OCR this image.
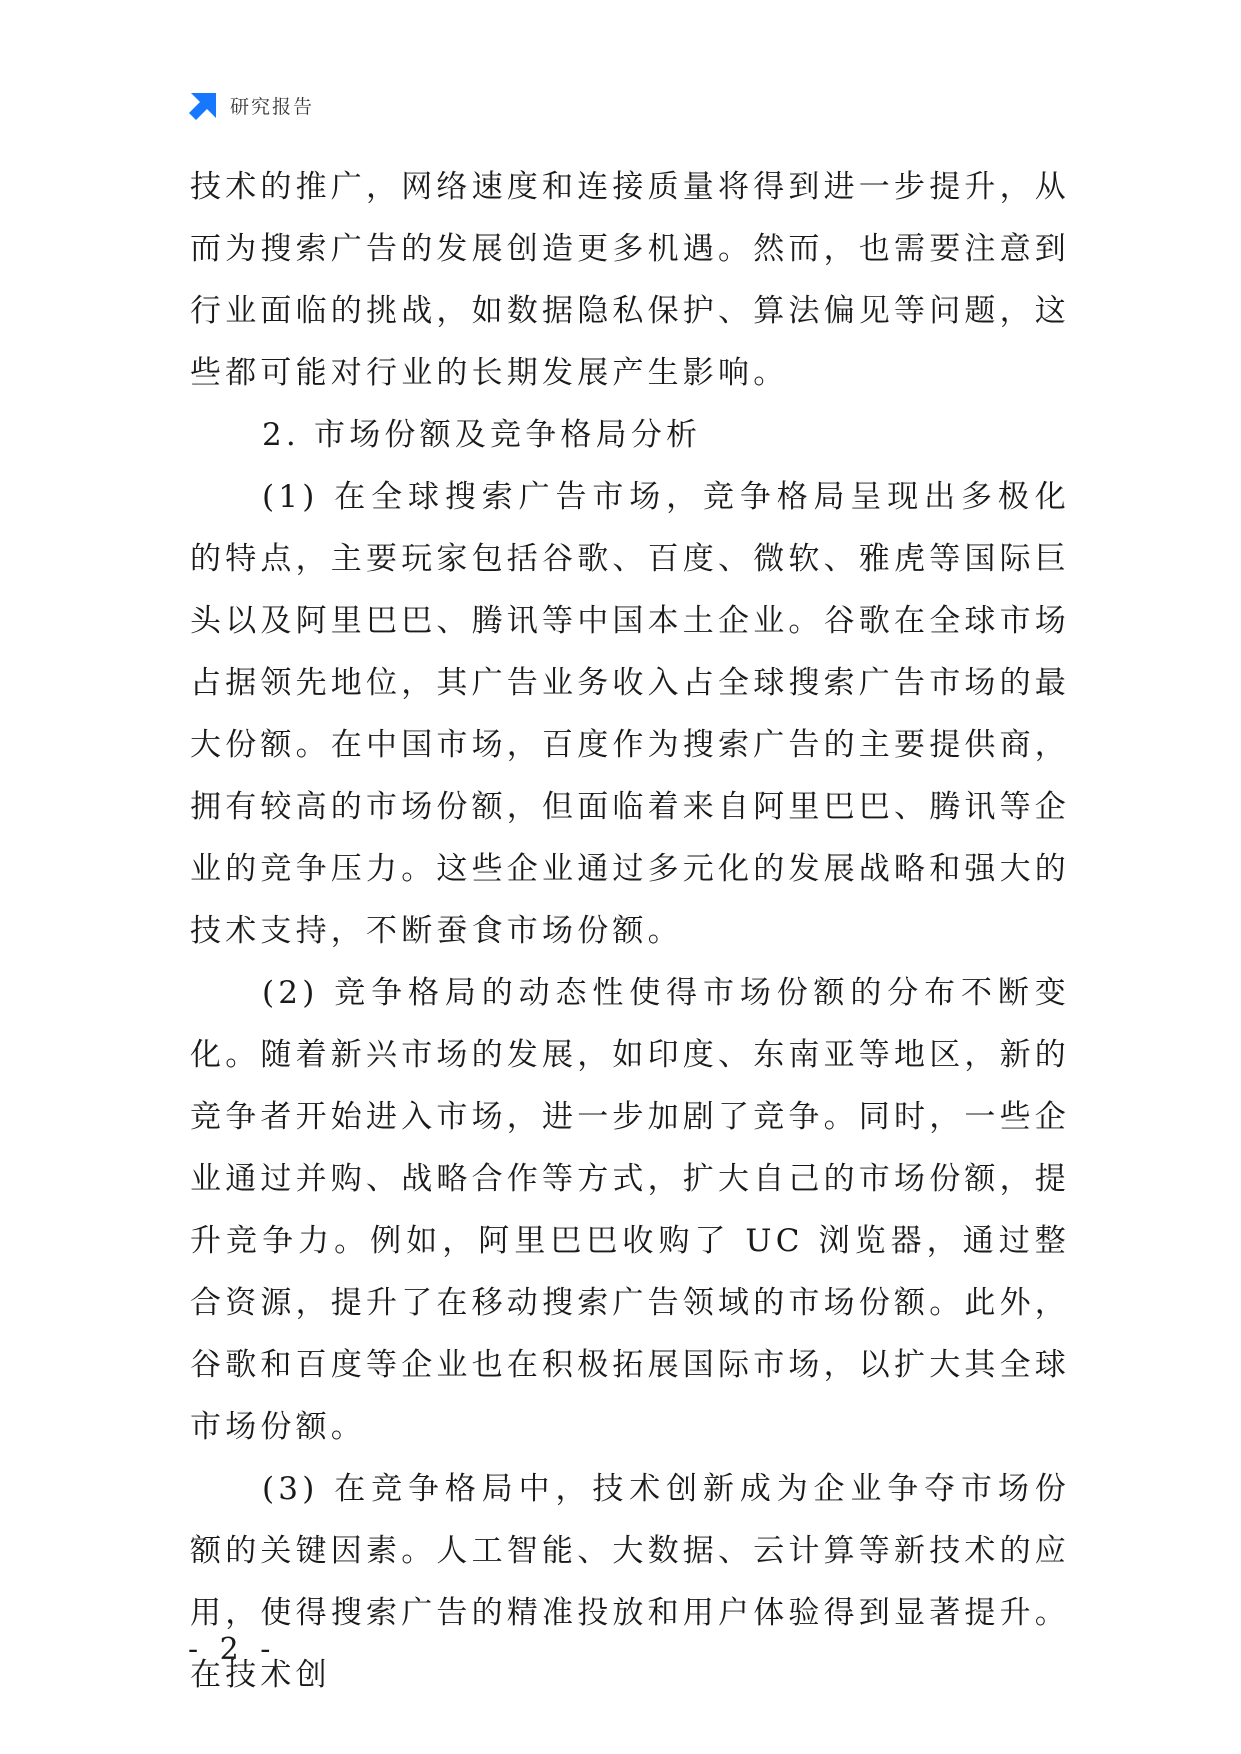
研究报告

技术的推广，网络速度和连接质量将得到进一步提升，从而为搜索广告的发展创造更多机遇。然而，也需要注意到行业面临的挑战，如数据隐私保护、算法偏见等问题，这些都可能对行业的长期发展产生影响。

2. 市场份额及竞争格局分析

(1) 在全球搜索广告市场，竞争格局呈现出多极化的特点，主要玩家包括谷歌、百度、微软、雅虎等国际巨头以及阿里巴巴、腾讯等中国本土企业。谷歌在全球市场占据领先地位，其广告业务收入占全球搜索广告市场的最大份额。在中国市场，百度作为搜索广告的主要提供商，拥有较高的市场份额，但面临着来自阿里巴巴、腾讯等企业的竞争压力。这些企业通过多元化的发展战略和强大的技术支持，不断蚕食市场份额。

(2) 竞争格局的动态性使得市场份额的分布不断变化。随着新兴市场的发展，如印度、东南亚等地区，新的竞争者开始进入市场，进一步加剧了竞争。同时，一些企业通过并购、战略合作等方式，扩大自己的市场份额，提升竞争力。例如，阿里巴巴收购了 UC 浏览器，通过整合资源，提升了在移动搜索广告领域的市场份额。此外，谷歌和百度等企业也在积极拓展国际市场，以扩大其全球市场份额。

(3) 在竞争格局中，技术创新成为企业争夺市场份额的关键因素。人工智能、大数据、云计算等新技术的应用，使得搜索广告的精准投放和用户体验得到显著提升。在技术创

- 2 -
